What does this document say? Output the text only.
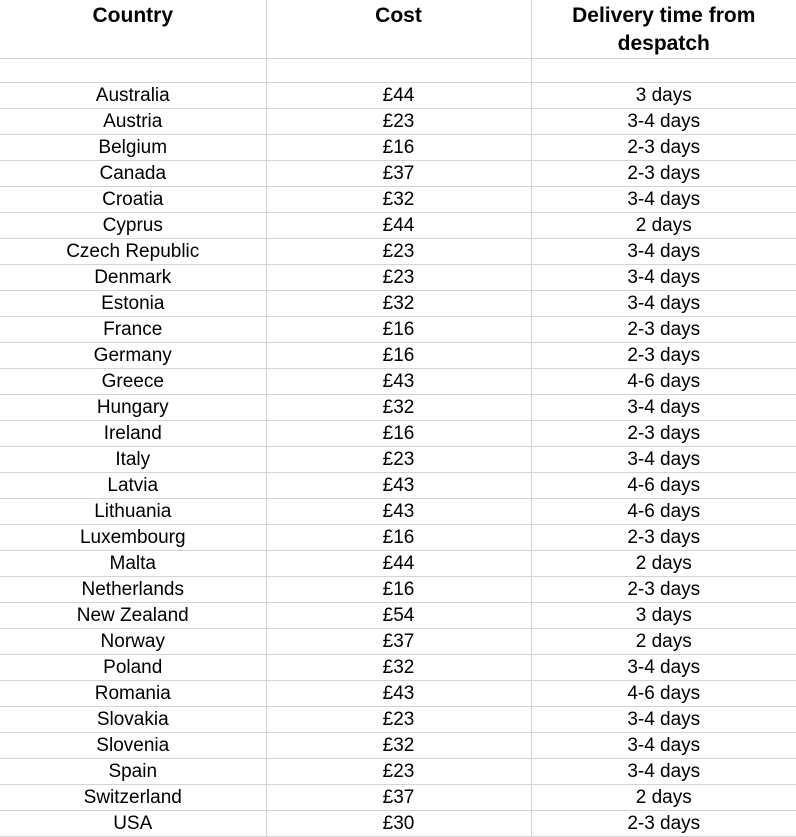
Country	Cost	Delivery time from despatch

Australia	£44	3 days
Austria	£23	3-4 days
Belgium	£16	2-3 days
Canada	£37	2-3 days
Croatia	£32	3-4 days
Cyprus	£44	2 days
Czech Republic	£23	3-4 days
Denmark	£23	3-4 days
Estonia	£32	3-4 days
France	£16	2-3 days
Germany	£16	2-3 days
Greece	£43	4-6 days
Hungary	£32	3-4 days
Ireland	£16	2-3 days
Italy	£23	3-4 days
Latvia	£43	4-6 days
Lithuania	£43	4-6 days
Luxembourg	£16	2-3 days
Malta	£44	2 days
Netherlands	£16	2-3 days
New Zealand	£54	3 days
Norway	£37	2 days
Poland	£32	3-4 days
Romania	£43	4-6 days
Slovakia	£23	3-4 days
Slovenia	£32	3-4 days
Spain	£23	3-4 days
Switzerland	£37	2 days
USA	£30	2-3 days
